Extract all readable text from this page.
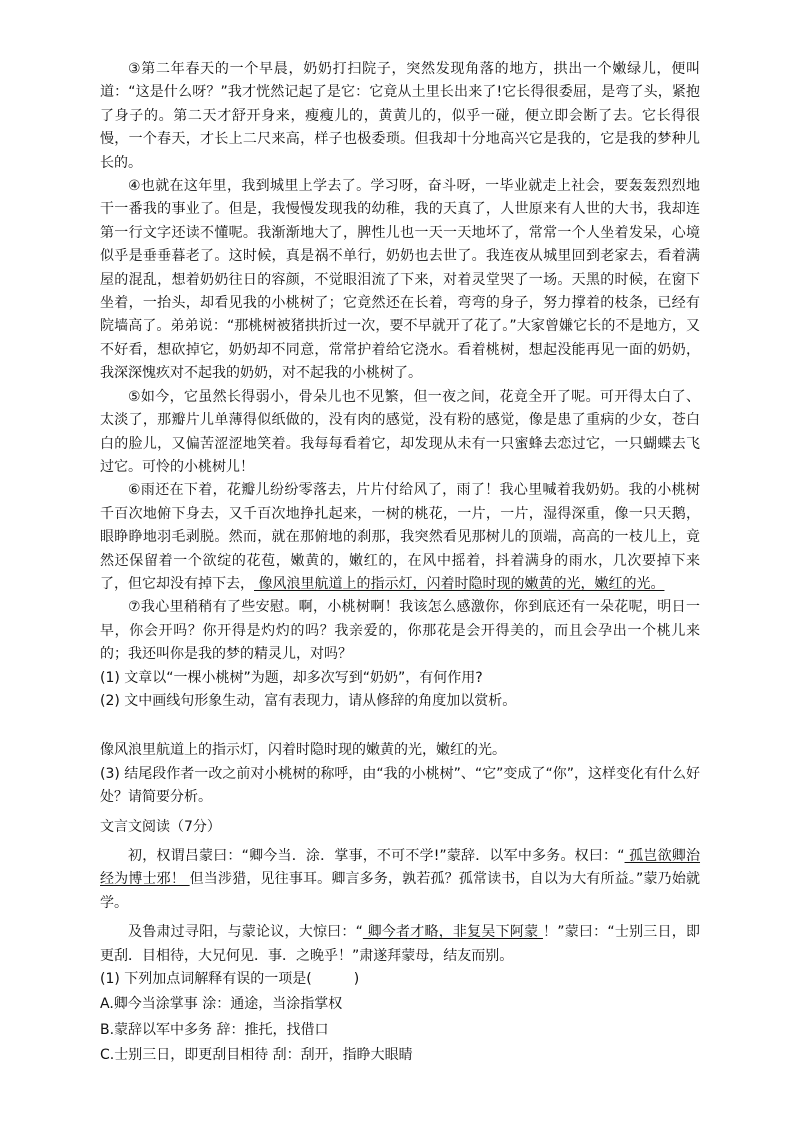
③第二年春天的一个早晨，奶奶打扫院子，突然发现角落的地方，拱出一个嫩绿儿，便叫道：“这是什么呀？”我才恍然记起了是它：它竟从土里长出来了!它长得很委屈，是弯了头，紧抱了身子的。第二天才舒开身来，瘦瘦儿的，黄黄儿的，似乎一碰，便立即会断了去。它长得很慢，一个春天，才长上二尺来高，样子也极委琐。但我却十分地高兴它是我的，它是我的梦种儿长的。

④也就在这年里，我到城里上学去了。学习呀，奋斗呀，一毕业就走上社会，要轰轰烈烈地干一番我的事业了。但是，我慢慢发现我的幼稚，我的天真了，人世原来有人世的大书，我却连第一行文字还读不懂呢。我渐渐地大了，脾性儿也一天一天地坏了，常常一个人坐着发呆，心境似乎是垂垂暮老了。这时候，真是祸不单行，奶奶也去世了。我连夜从城里回到老家去，看着满屋的混乱，想着奶奶往日的容颜，不觉眼泪流了下来，对着灵堂哭了一场。天黑的时候，在窗下坐着，一抬头，却看见我的小桃树了；它竟然还在长着，弯弯的身子，努力撑着的枝条，已经有院墙高了。弟弟说：“那桃树被猪拱折过一次，要不早就开了花了。”大家曾嫌它长的不是地方，又不好看，想砍掉它，奶奶却不同意，常常护着给它浇水。看着桃树，想起没能再见一面的奶奶，我深深愧疚对不起我的奶奶，对不起我的小桃树了。

⑤如今，它虽然长得弱小，骨朵儿也不见繁，但一夜之间，花竟全开了呢。可开得太白了、太淡了，那瓣片儿单薄得似纸做的，没有肉的感觉，没有粉的感觉，像是患了重病的少女，苍白白的脸儿，又偏苦涩涩地笑着。我每每看着它，却发现从未有一只蜜蜂去恋过它，一只蝴蝶去飞过它。可怜的小桃树儿！

⑥雨还在下着，花瓣儿纷纷零落去，片片付给风了，雨了！我心里喊着我奶奶。我的小桃树千百次地俯下身去，又千百次地挣扎起来，一树的桃花，一片，一片，湿得深重，像一只天鹅，眼睁睁地羽毛剥脱。然而，就在那俯地的刹那，我突然看见那树儿的顶端，高高的一枝儿上，竟然还保留着一个欲绽的花苞，嫩黄的，嫩红的，在风中摇着，抖着满身的雨水，几次要掉下来了，但它却没有掉下去， 像风浪里航道上的指示灯，闪着时隐时现的嫩黄的光，嫩红的光。

⑦我心里稍稍有了些安慰。啊，小桃树啊！我该怎么感激你，你到底还有一朵花呢，明日一早，你会开吗？你开得是灼灼的吗？我亲爱的，你那花是会开得美的，而且会孕出一个桃儿来的；我还叫你是我的梦的精灵儿，对吗？

(1) 文章以“一棵小桃树”为题，却多次写到“奶奶”，有何作用?

(2) 文中画线句形象生动，富有表现力，请从修辞的角度加以赏析。

像风浪里航道上的指示灯，闪着时隐时现的嫩黄的光，嫩红的光。

(3) 结尾段作者一改之前对小桃树的称呼，由“我的小桃树”、“它”变成了“你”，这样变化有什么好处？请简要分析。

文言文阅读（7分）

初，权谓吕蒙曰：“卿今当．涂．掌事，不可不学!”蒙辞．以军中多务。权曰：“ 孤岂欲卿治经为博士邪！ 但当涉猎，见往事耳。卿言多务，孰若孤？孤常读书，自以为大有所益。”蒙乃始就学。

及鲁肃过寻阳，与蒙论议，大惊曰：“ 卿今者才略，非复吴下阿蒙 ！”蒙曰：“士别三日，即更刮．目相待，大兄何见．事．之晚乎！”肃遂拜蒙母，结友而别。

(1) 下列加点词解释有误的一项是(　　　)

A.卿今当涂掌事 涂：通途，当涂指掌权

B.蒙辞以军中多务 辞：推托，找借口

C.士别三日，即更刮目相待 刮：刮开，指睁大眼睛
